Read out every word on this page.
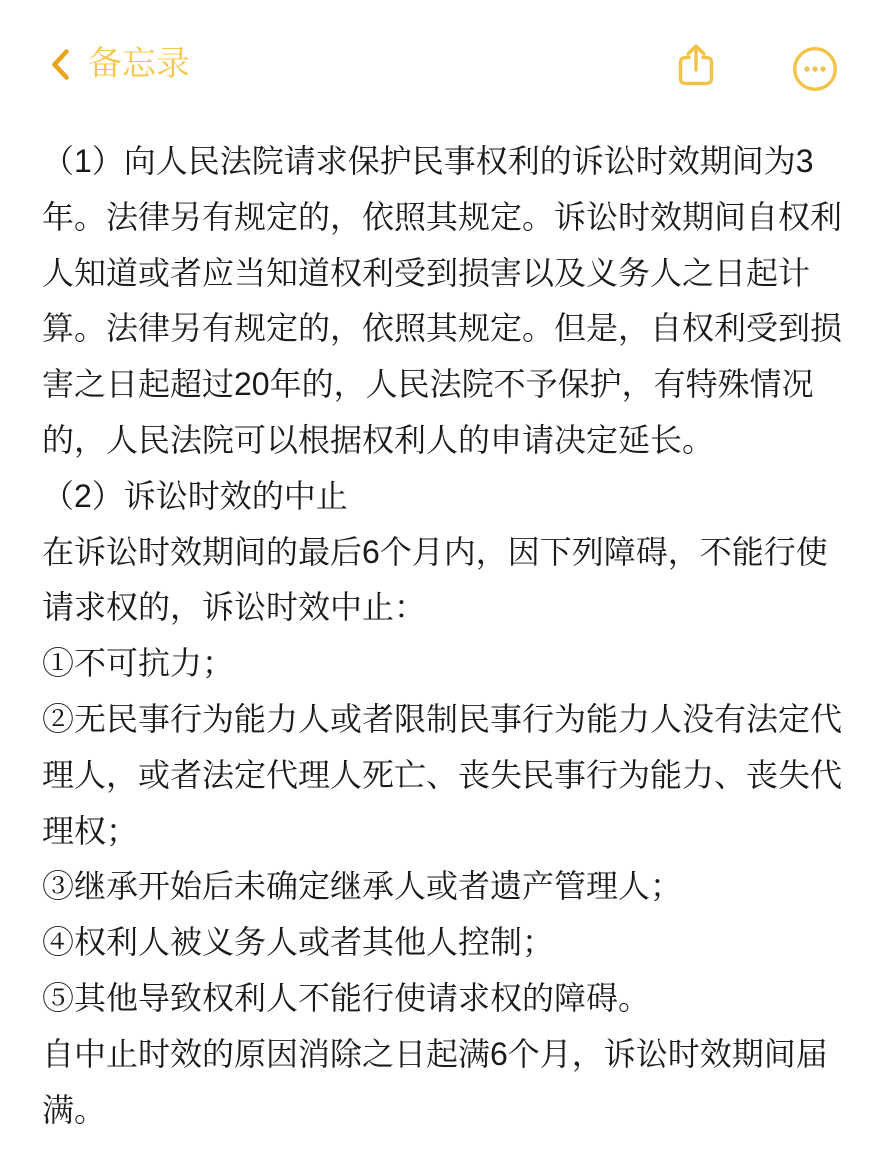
备忘录
（1）向人民法院请求保护民事权利的诉讼时效期间为3
年。法律另有规定的，依照其规定。诉讼时效期间自权利
人知道或者应当知道权利受到损害以及义务人之日起计
算。法律另有规定的，依照其规定。但是，自权利受到损
害之日起超过20年的，人民法院不予保护，有特殊情况
的，人民法院可以根据权利人的申请决定延长。
（2）诉讼时效的中止
在诉讼时效期间的最后6个月内，因下列障碍，不能行使
请求权的，诉讼时效中止：
①不可抗力；
②无民事行为能力人或者限制民事行为能力人没有法定代
理人，或者法定代理人死亡、丧失民事行为能力、丧失代
理权；
③继承开始后未确定继承人或者遗产管理人；
④权利人被义务人或者其他人控制；
⑤其他导致权利人不能行使请求权的障碍。
自中止时效的原因消除之日起满6个月，诉讼时效期间届
满。
